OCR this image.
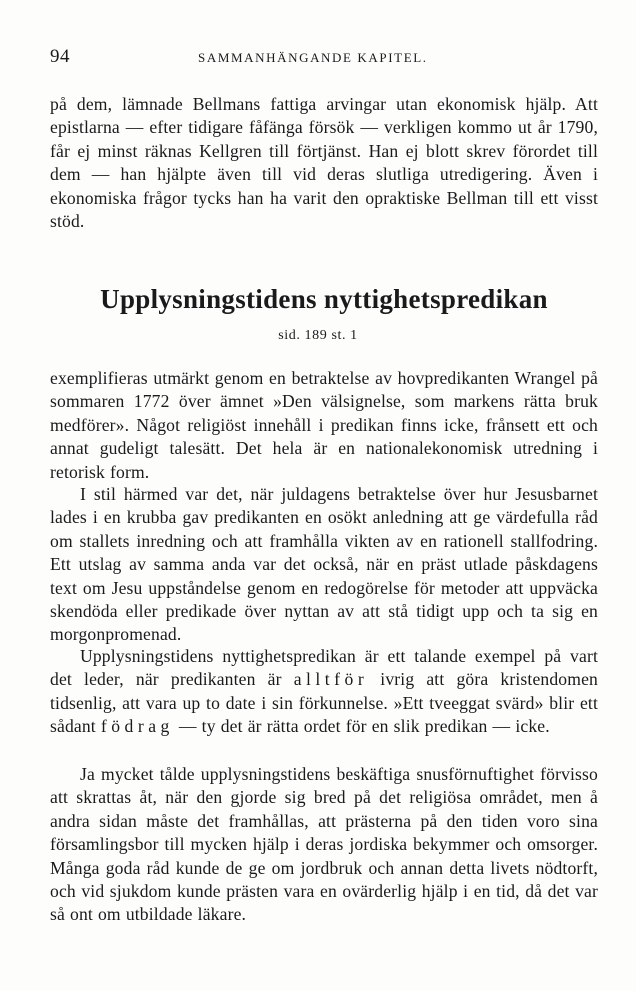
94	SAMMANHÄNGANDE KAPITEL.

på dem, lämnade Bellmans fattiga arvingar utan ekonomisk hjälp. Att epistlarna — efter tidigare fåfänga försök — verkligen kommo ut år 1790, får ej minst räknas Kellgren till förtjänst. Han ej blott skrev förordet till dem — han hjälpte även till vid deras slutliga utredigering. Även i ekonomiska frågor tycks han ha varit den opraktiske Bellman till ett visst stöd.

Upplysningstidens nyttighetspredikan
sid. 189 st. 1

exemplifieras utmärkt genom en betraktelse av hovpredikanten Wrangel på sommaren 1772 över ämnet »Den välsignelse, som markens rätta bruk medförer». Något religiöst innehåll i predikan finns icke, frånsett ett och annat gudeligt talesätt. Det hela är en nationalekonomisk utredning i retorisk form.

I stil härmed var det, när juldagens betraktelse över hur Jesusbarnet lades i en krubba gav predikanten en osökt anledning att ge värdefulla råd om stallets inredning och att framhålla vikten av en rationell stallfodring. Ett utslag av samma anda var det också, när en präst utlade påskdagens text om Jesu uppståndelse genom en redogörelse för metoder att uppväcka skendöda eller predikade över nyttan av att stå tidigt upp och ta sig en morgonpromenad.

Upplysningstidens nyttighetspredikan är ett talande exempel på vart det leder, när predikanten är alltför ivrig att göra kristendomen tidsenlig, att vara up to date i sin förkunnelse. »Ett tveeggat svärd» blir ett sådant födrag — ty det är rätta ordet för en slik predikan — icke.

Ja mycket tålde upplysningstidens beskäftiga snusförnuftighet förvisso att skrattas åt, när den gjorde sig bred på det religiösa området, men å andra sidan måste det framhållas, att prästerna på den tiden voro sina församlingsbor till mycken hjälp i deras jordiska bekymmer och omsorger. Många goda råd kunde de ge om jordbruk och annan detta livets nödtorft, och vid sjukdom kunde prästen vara en ovärderlig hjälp i en tid, då det var så ont om utbildade läkare.
